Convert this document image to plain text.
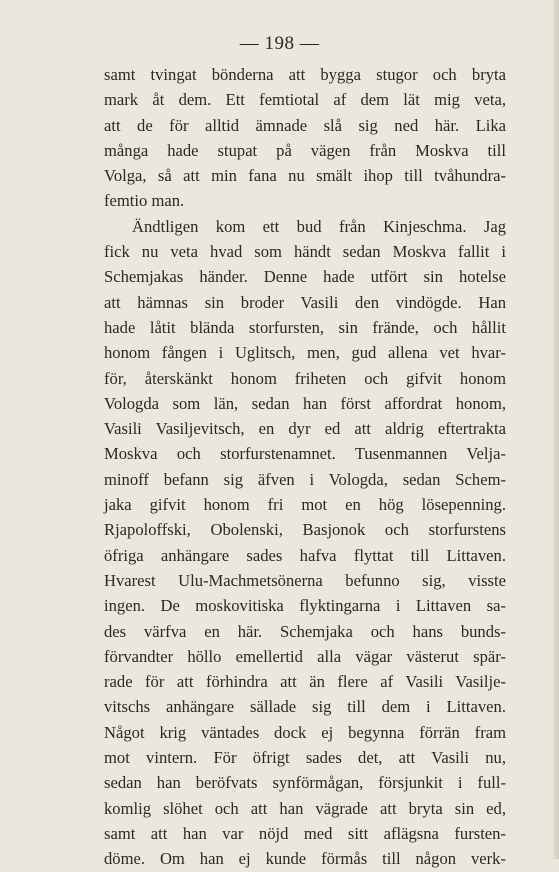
— 198 —
samt tvingat bönderna att bygga stugor och bryta
mark åt dem. Ett femtiotal af dem lät mig veta,
att de för alltid ämnade slå sig ned här. Lika
många hade stupat på vägen från Moskva till
Volga, så att min fana nu smält ihop till tvåhundra-
femtio man.
Ändtligen kom ett bud från Kinjeschma. Jag
fick nu veta hvad som händt sedan Moskva fallit i
Schemjakas händer. Denne hade utfört sin hotelse
att hämnas sin broder Vasili den vindögde. Han
hade låtit blända storfursten, sin frände, och hållit
honom fången i Uglitsch, men, gud allena vet hvar-
för, återskänkt honom friheten och gifvit honom
Vologda som län, sedan han först affordrat honom,
Vasili Vasiljevitsch, en dyr ed att aldrig eftertrakta
Moskva och storfurstenamnet. Tusenmannen Velja-
minoff befann sig äfven i Vologda, sedan Schem-
jaka gifvit honom fri mot en hög lösepenning.
Rjapoloffski, Obolenski, Basjonok och storfurstens
öfriga anhängare sades hafva flyttat till Littaven.
Hvarest Ulu-Machmetsönerna befunno sig, visste
ingen. De moskovitiska flyktingarna i Littaven sa-
des värfva en här. Schemjaka och hans bunds-
förvandter höllo emellertid alla vägar västerut spär-
rade för att förhindra att än flere af Vasili Vasilje-
vitschs anhängare sällade sig till dem i Littaven.
Något krig väntades dock ej begynna förrän fram
mot vintern. För öfrigt sades det, att Vasili nu,
sedan han beröfvats synförmågan, försjunkit i full-
komlig slöhet och att han vägrade att bryta sin ed,
samt att han var nöjd med sitt aflägsna fursten-
döme. Om han ej kunde förmås till någon verk-
